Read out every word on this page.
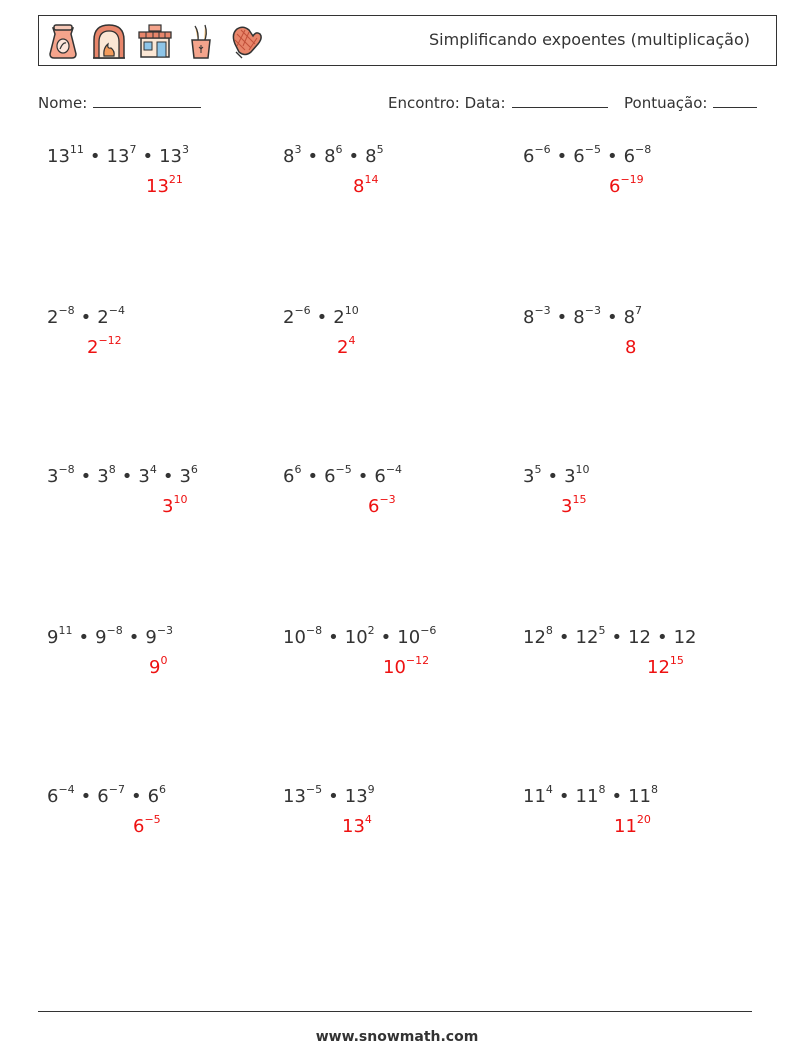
Simplificando expoentes (multiplicação)
Nome:	Encontro: Data:	Pontuação:
$13^{11}$ • $13^7$ • $13^3$
$13^{21}$
$8^3$ • $8^6$ • $8^5$
$8^{14}$
$6^{-6}$ • $6^{-5}$ • $6^{-8}$
$6^{-19}$
$2^{-8}$ • $2^{-4}$
$2^{-12}$
$2^{-6}$ • $2^{10}$
$2^4$
$8^{-3}$ • $8^{-3}$ • $8^7$
8
$3^{-8}$ • $3^8$ • $3^4$ • $3^6$
$3^{10}$
$6^6$ • $6^{-5}$ • $6^{-4}$
$6^{-3}$
$3^5$ • $3^{10}$
$3^{15}$
$9^{11}$ • $9^{-8}$ • $9^{-3}$
$9^0$
$10^{-8}$ • $10^2$ • $10^{-6}$
$10^{-12}$
$12^8$ • $12^5$ • 12 • 12
$12^{15}$
$6^{-4}$ • $6^{-7}$ • $6^6$
$6^{-5}$
$13^{-5}$ • $13^9$
$13^4$
$11^4$ • $11^8$ • $11^8$
$11^{20}$
www.snowmath.com
